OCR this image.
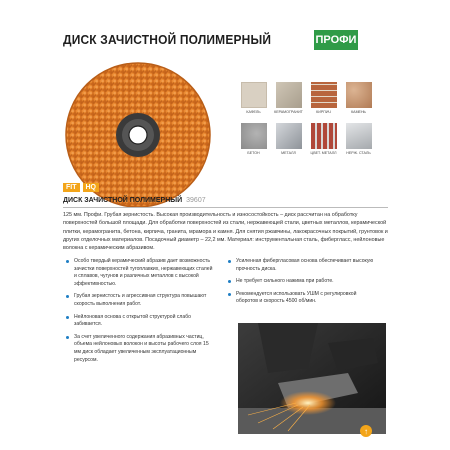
ДИСК ЗАЧИСТНОЙ ПОЛИМЕРНЫЙ	ПРОФИ
КАФЕЛЬ	КЕРАМОГРАНИТ	КИРПИЧ	КАМЕНЬ
БЕТОН	МЕТАЛЛ	ЦВЕТ. МЕТАЛЛ	НЕРЖ. СТАЛЬ
FIT	HQ
ДИСК ЗАЧИСТНОЙ ПОЛИМЕРНЫЙ 39607
125 мм. Профи. Грубая зернистость. Высокая производительность и износостойкость – диск рассчитан на обработку поверхностей большой площади. Для обработки поверхностей из стали, нержавеющей стали, цветных металлов, керамической плитки, керамогранита, бетона, кирпича, гранита, мрамора и камня. Для снятия ржавчины, лакокрасочных покрытий, грунтовок и других отделочных материалов. Посадочный диаметр – 22,2 мм. Материал: инструментальная сталь, фибергласс, нейлоновые волокна с керамическим абразивом.
Особо твердый керамический абразив дает возможность зачистки поверхностей тугоплавких, нержавеющих сталей и сплавов, чугунов и различных металлов с высокой эффективностью.
Грубая зернистость и агрессивная структура повышают скорость выполнения работ.
Нейлоновая основа с открытой структурой слабо забивается.
За счет увеличенного содержания абразивных частиц, объема нейлоновых волокон и высоты рабочего слоя 15 мм диск обладает увеличенным эксплуатационным ресурсом.
Усиленная фибергласовая основа обеспечивает высокую прочность диска.
Не требует сильного нажима при работе.
Рекомендуется использовать УШМ с регулировкой оборотов и скорость 4500 об/мин.
↑
